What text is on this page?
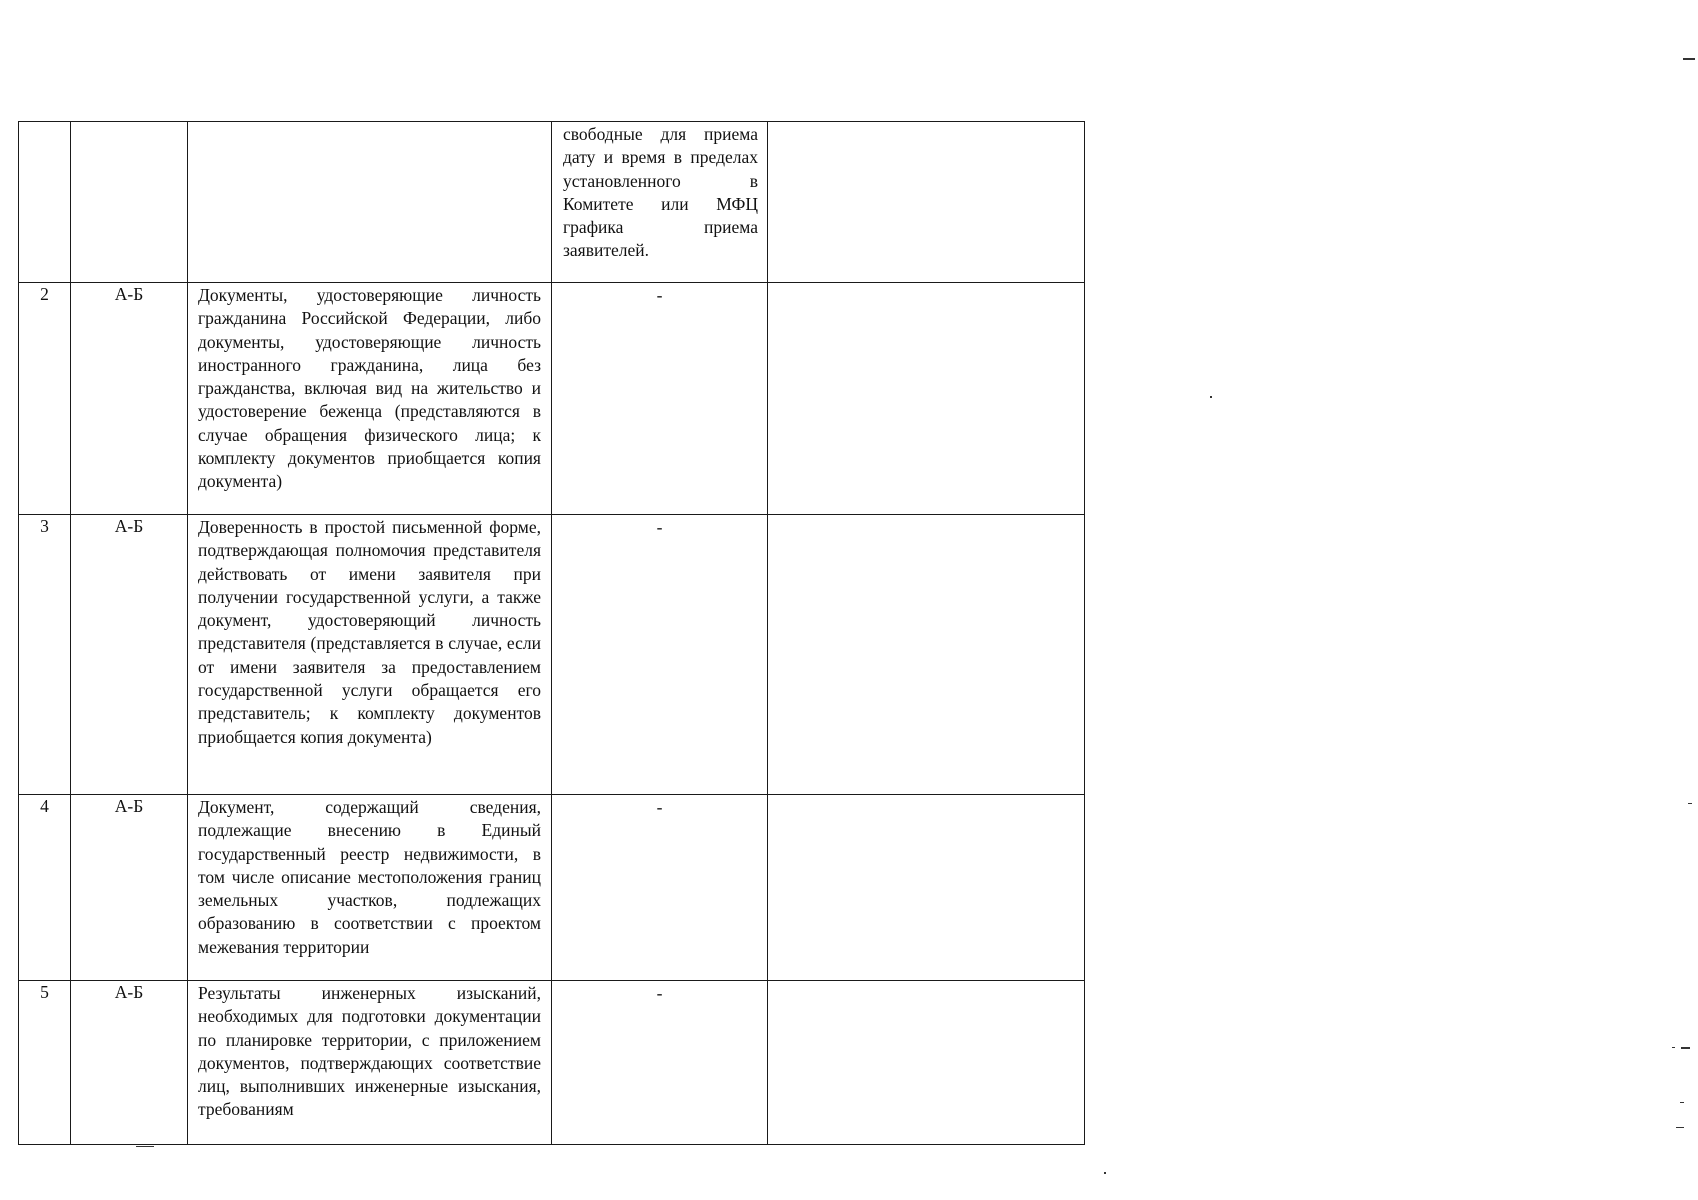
			свободные для приема дату и время в пределах установленного в Комитете или МФЦ графика приема заявителей.	

2	А-Б	Документы, удостоверяющие личность гражданина Российской Федерации, либо документы, удостоверяющие личность иностранного гражданина, лица без гражданства, включая вид на жительство и удостоверение беженца (представляются в случае обращения физического лица; к комплекту документов приобщается копия документа)	-	

3	А-Б	Доверенность в простой письменной форме, подтверждающая полномочия представителя действовать от имени заявителя при получении государственной услуги, а также документ, удостоверяющий личность представителя (представляется в случае, если от имени заявителя за предоставлением государственной услуги обращается его представитель; к комплекту документов приобщается копия документа)	-	

4	А-Б	Документ, содержащий сведения, подлежащие внесению в Единый государственный реестр недвижимости, в том числе описание местоположения границ земельных участков, подлежащих образованию в соответствии с проектом межевания территории	-	

5	А-Б	Результаты инженерных изысканий, необходимых для подготовки документации по планировке территории, с приложением документов, подтверждающих соответствие лиц, выполнивших инженерные изыскания, требованиям	-	
